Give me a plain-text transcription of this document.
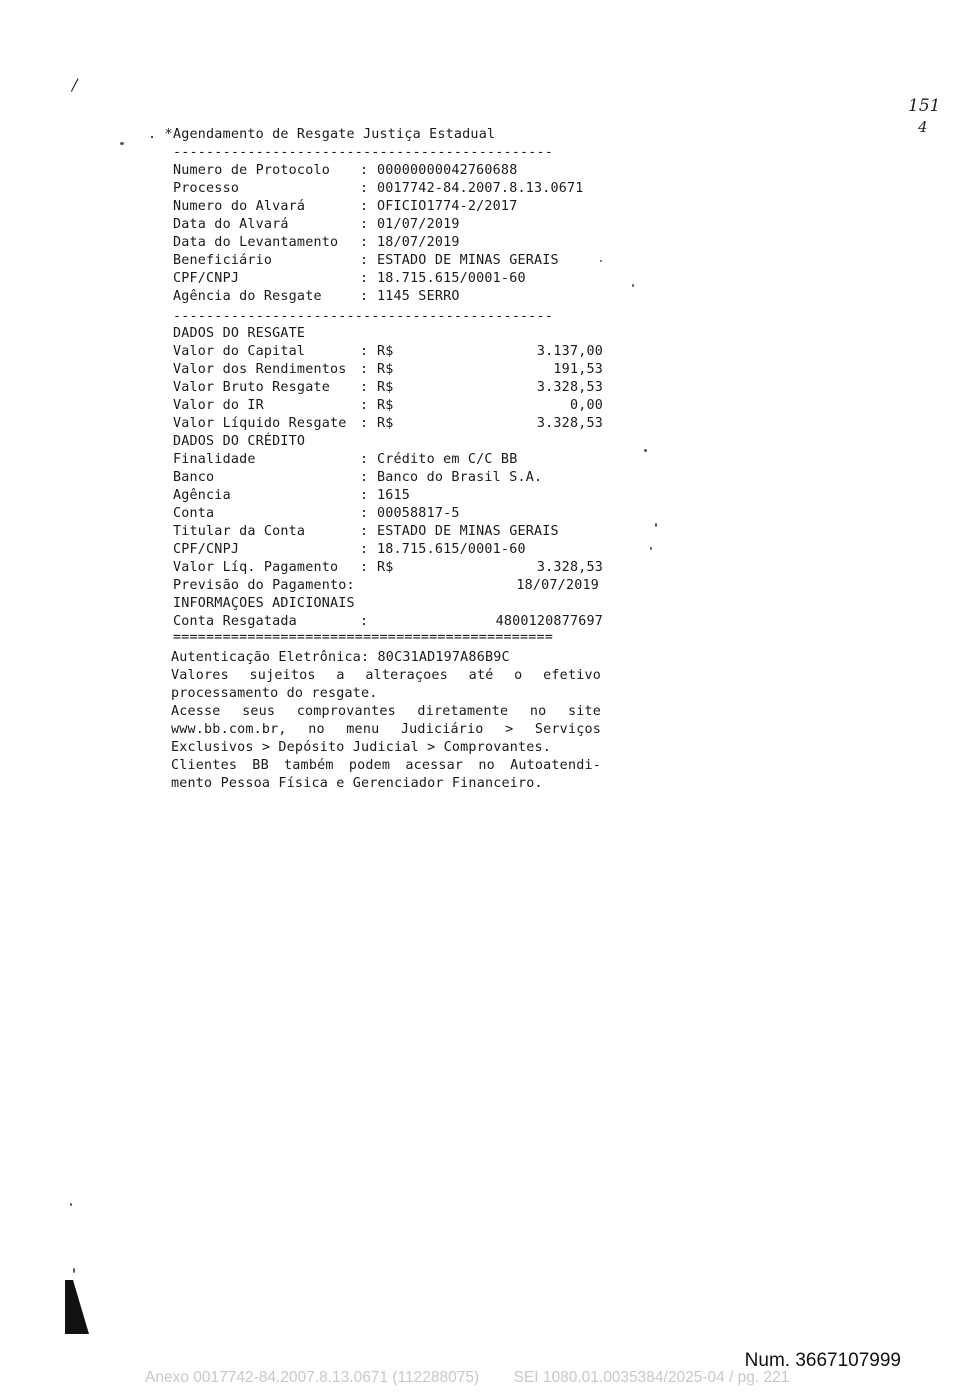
151
/
4
. * Agendamento de Resgate Justiça Estadual
----------------------------------------------
Numero de Protocolo : 00000000042760688
Processo	: 0017742-84.2007.8.13.0671
Numero do Alvará	: OFICIO1774-2/2017
Data do Alvará	: 01/07/2019
Data do Levantamento : 18/07/2019
Beneficiário	: ESTADO DE MINAS GERAIS
CPF/CNPJ	: 18.715.615/0001-60
Agência do Resgate	: 1145 SERRO
----------------------------------------------
DADOS DO RESGATE
Valor do Capital	: R$	3.137,00
Valor dos Rendimentos : R$	191,53
Valor Bruto Resgate : R$	3.328,53
Valor do IR	: R$	0,00
Valor Líquido Resgate : R$	3.328,53
DADOS DO CRÉDITO
Finalidade	: Crédito em C/C BB
Banco	: Banco do Brasil S.A.
Agência	: 1615
Conta	: 00058817-5
Titular da Conta	: ESTADO DE MINAS GERAIS
CPF/CNPJ	: 18.715.615/0001-60
Valor Líq. Pagamento : R$	3.328,53
Previsão do Pagamento:	18/07/2019
INFORMAÇOES ADICIONAIS
Conta Resgatada	:	4800120877697
==============================================
Autenticação Eletrônica: 80C31AD197A86B9C
Valores sujeitos a alteraçoes até o efetivo
processamento do resgate.
Acesse seus comprovantes diretamente no site
www.bb.com.br, no menu Judiciário > Serviços
Exclusivos > Depósito Judicial > Comprovantes.
Clientes BB também podem acessar no Autoatendi-
mento Pessoa Física e Gerenciador Financeiro.
Num. 3667107999
Anexo 0017742-84.2007.8.13.0671 (112288075)        SEI 1080.01.0035384/2025-04 / pg. 221
